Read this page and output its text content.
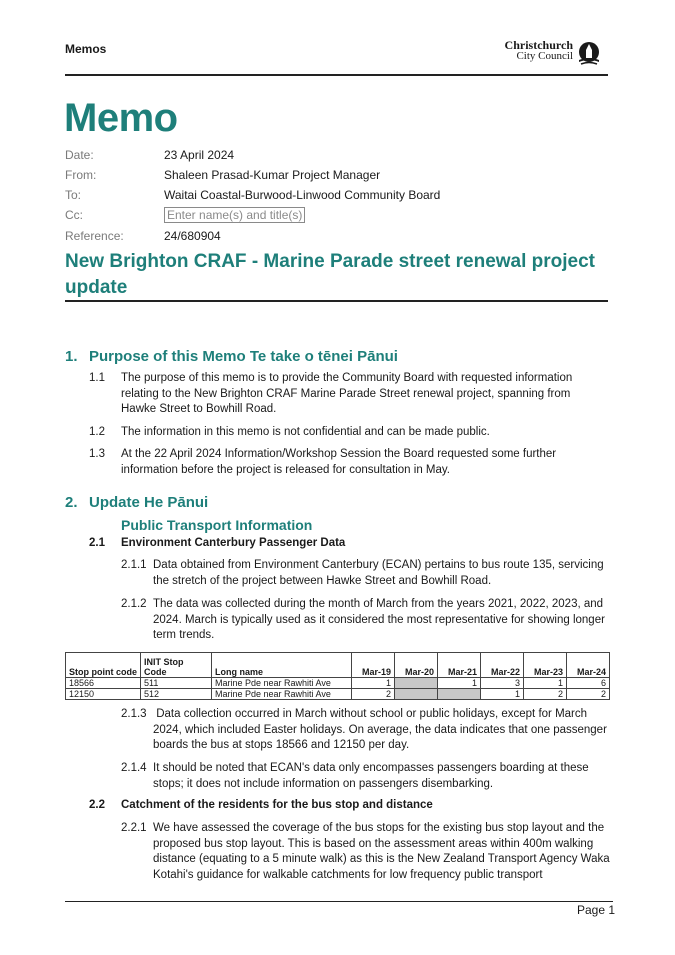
Memos	Christchurch
City Council
Memo
Date:	23 April 2024
From:	Shaleen Prasad-Kumar Project Manager
To:	Waitai Coastal-Burwood-Linwood Community Board
Cc:	Enter name(s) and title(s)
Reference:	24/680904
New Brighton CRAF - Marine Parade street renewal project update
1. Purpose of this Memo Te take o tēnei Pānui
1.1 The purpose of this memo is to provide the Community Board with requested information relating to the New Brighton CRAF Marine Parade Street renewal project, spanning from Hawke Street to Bowhill Road.
1.2 The information in this memo is not confidential and can be made public.
1.3 At the 22 April 2024 Information/Workshop Session the Board requested some further information before the project is released for consultation in May.
2. Update He Pānui
Public Transport Information
2.1 Environment Canterbury Passenger Data
2.1.1 Data obtained from Environment Canterbury (ECAN) pertains to bus route 135, servicing the stretch of the project between Hawke Street and Bowhill Road.
2.1.2 The data was collected during the month of March from the years 2021, 2022, 2023, and 2024. March is typically used as it considered the most representative for showing longer term trends.
Stop point code	INIT Stop Code	Long name	Mar-19	Mar-20	Mar-21	Mar-22	Mar-23	Mar-24
18566	511	Marine Pde near Rawhiti Ave	1		1	3	1	6
12150	512	Marine Pde near Rawhiti Ave	2			1	2	2
2.1.3 Data collection occurred in March without school or public holidays, except for March 2024, which included Easter holidays. On average, the data indicates that one passenger boards the bus at stops 18566 and 12150 per day.
2.1.4 It should be noted that ECAN's data only encompasses passengers boarding at these stops; it does not include information on passengers disembarking.
2.2 Catchment of the residents for the bus stop and distance
2.2.1 We have assessed the coverage of the bus stops for the existing bus stop layout and the proposed bus stop layout. This is based on the assessment areas within 400m walking distance (equating to a 5 minute walk) as this is the New Zealand Transport Agency Waka Kotahi's guidance for walkable catchments for low frequency public transport
Page 1
